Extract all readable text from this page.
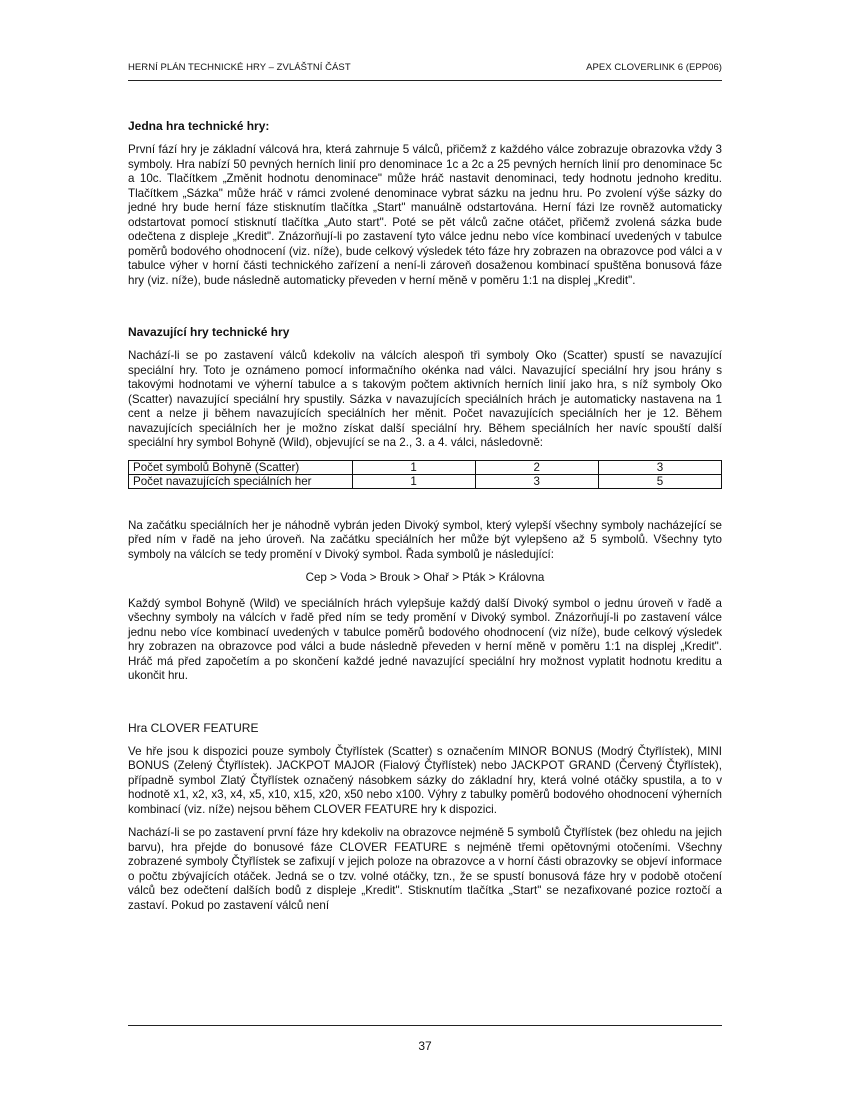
HERNÍ PLÁN TECHNICKÉ HRY – ZVLÁŠTNÍ ČÁST	APEX CLOVERLINK 6 (EPP06)
Jedna hra technické hry:

První fází hry je základní válcová hra, která zahrnuje 5 válců, přičemž z každého válce zobrazuje obrazovka vždy 3 symboly. Hra nabízí 50 pevných herních linií pro denominace 1c a 2c a 25 pevných herních linií pro denominace 5c a 10c. Tlačítkem „Změnit hodnotu denominace" může hráč nastavit denominaci, tedy hodnotu jednoho kreditu. Tlačítkem „Sázka" může hráč v rámci zvolené denominace vybrat sázku na jednu hru. Po zvolení výše sázky do jedné hry bude herní fáze stisknutím tlačítka „Start" manuálně odstartována. Herní fázi lze rovněž automaticky odstartovat pomocí stisknutí tlačítka „Auto start". Poté se pět válců začne otáčet, přičemž zvolená sázka bude odečtena z displeje „Kredit". Znázorňují-li po zastavení tyto válce jednu nebo více kombinací uvedených v tabulce poměrů bodového ohodnocení (viz. níže), bude celkový výsledek této fáze hry zobrazen na obrazovce pod válci a v tabulce výher v horní části technického zařízení a není-li zároveň dosaženou kombinací spuštěna bonusová fáze hry (viz. níže), bude následně automaticky převeden v herní měně v poměru 1:1 na displej „Kredit".

Navazující hry technické hry

Nachází-li se po zastavení válců kdekoliv na válcích alespoň tři symboly Oko (Scatter) spustí se navazující speciální hry. Toto je oznámeno pomocí informačního okénka nad válci. Navazující speciální hry jsou hrány s takovými hodnotami ve výherní tabulce a s takovým počtem aktivních herních linií jako hra, s níž symboly Oko (Scatter) navazující speciální hry spustily. Sázka v navazujících speciálních hrách je automaticky nastavena na 1 cent a nelze ji během navazujících speciálních her měnit. Počet navazujících speciálních her je 12. Během navazujících speciálních her je možno získat další speciální hry. Během speciálních her navíc spouští další speciální hry symbol Bohyně (Wild), objevující se na 2., 3. a 4. válci, následovně:

Počet symbolů Bohyně (Scatter)	1	2	3
Počet navazujících speciálních her	1	3	5

Na začátku speciálních her je náhodně vybrán jeden Divoký symbol, který vylepší všechny symboly nacházející se před ním v řadě na jeho úroveň. Na začátku speciálních her může být vylepšeno až 5 symbolů. Všechny tyto symboly na válcích se tedy promění v Divoký symbol. Řada symbolů je následující:

Cep > Voda > Brouk > Ohař > Pták > Královna

Každý symbol Bohyně (Wild) ve speciálních hrách vylepšuje každý další Divoký symbol o jednu úroveň v řadě a všechny symboly na válcích v řadě před ním se tedy promění v Divoký symbol. Znázorňují-li po zastavení válce jednu nebo více kombinací uvedených v tabulce poměrů bodového ohodnocení (viz níže), bude celkový výsledek hry zobrazen na obrazovce pod válci a bude následně převeden v herní měně v poměru 1:1 na displej „Kredit". Hráč má před započetím a po skončení každé jedné navazující speciální hry možnost vyplatit hodnotu kreditu a ukončit hru.

Hra CLOVER FEATURE

Ve hře jsou k dispozici pouze symboly Čtyřlístek (Scatter) s označením MINOR BONUS (Modrý Čtyřlístek), MINI BONUS (Zelený Čtyřlístek). JACKPOT MAJOR (Fialový Čtyřlístek) nebo JACKPOT GRAND (Červený Čtyřlístek), případně symbol Zlatý Čtyřlístek označený násobkem sázky do základní hry, která volné otáčky spustila, a to v hodnotě x1, x2, x3, x4, x5, x10, x15, x20, x50 nebo x100. Výhry z tabulky poměrů bodového ohodnocení výherních kombinací (viz. níže) nejsou během CLOVER FEATURE hry k dispozici.

Nachází-li se po zastavení první fáze hry kdekoliv na obrazovce nejméně 5 symbolů Čtyřlístek (bez ohledu na jejich barvu), hra přejde do bonusové fáze CLOVER FEATURE s nejméně třemi opětovnými otočeními. Všechny zobrazené symboly Čtyřlístek se zafixují v jejich poloze na obrazovce a v horní části obrazovky se objeví informace o počtu zbývajících otáček. Jedná se o tzv. volné otáčky, tzn., že se spustí bonusová fáze hry v podobě otočení válců bez odečtení dalších bodů z displeje „Kredit". Stisknutím tlačítka „Start" se nezafixované pozice roztočí a zastaví. Pokud po zastavení válců není

37
